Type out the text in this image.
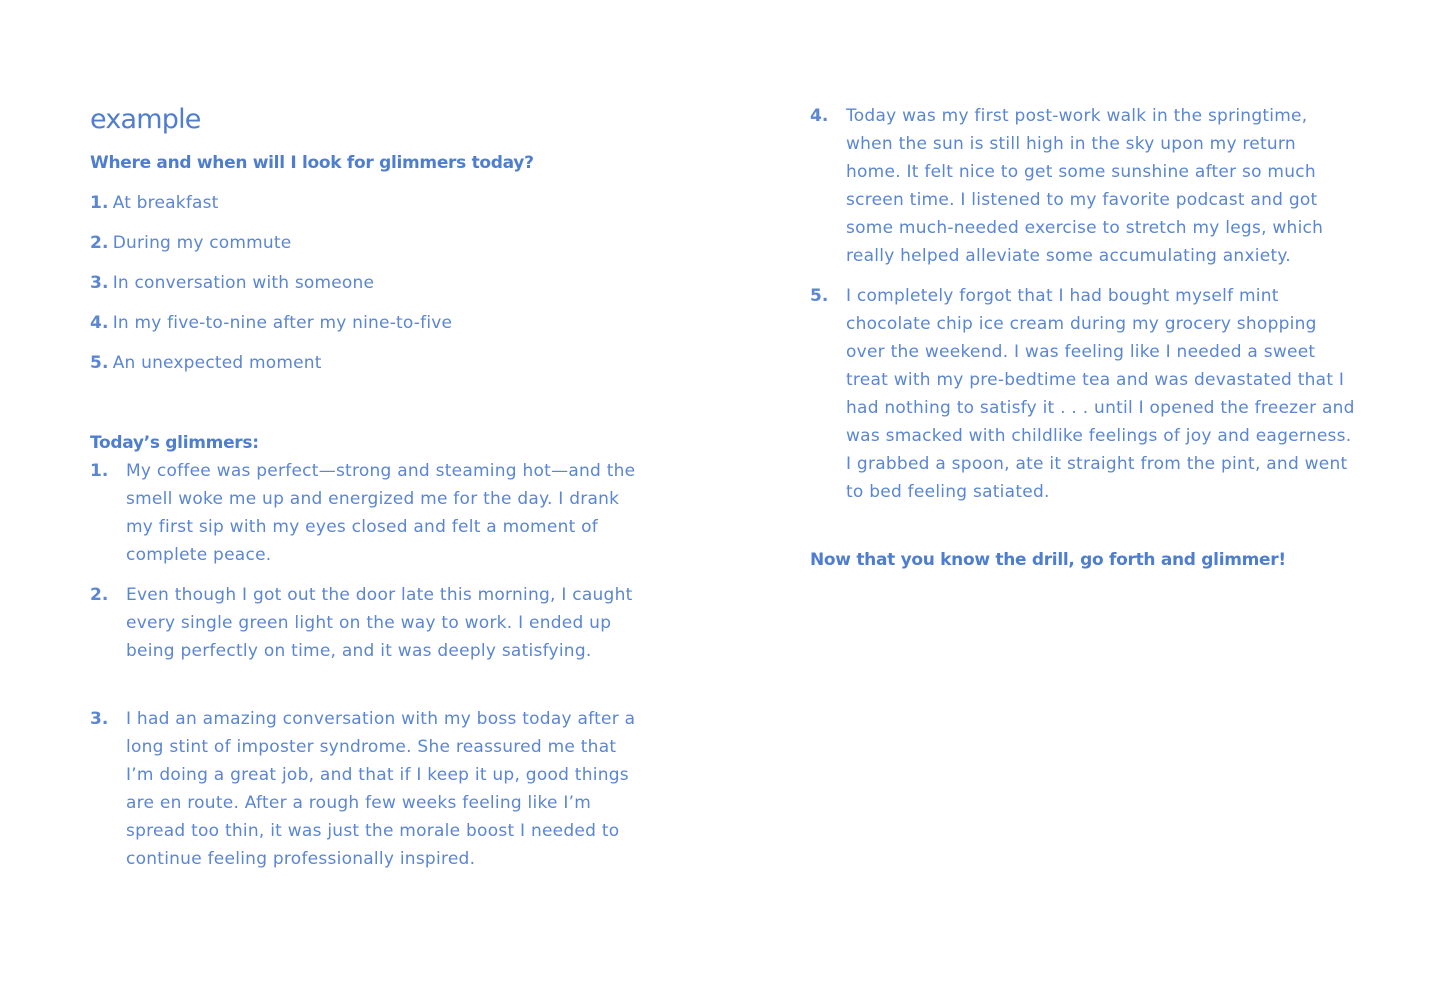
example

Where and when will I look for glimmers today?

1. At breakfast
2. During my commute
3. In conversation with someone
4. In my five-to-nine after my nine-to-five
5. An unexpected moment

Today’s glimmers:

1.	My coffee was perfect—strong and steaming hot—and the smell woke me up and energized me for the day. I drank my first sip with my eyes closed and felt a moment of complete peace.

2.	Even though I got out the door late this morning, I caught every single green light on the way to work. I ended up being perfectly on time, and it was deeply satisfying.

3.	I had an amazing conversation with my boss today after a long stint of imposter syndrome. She reassured me that I’m doing a great job, and that if I keep it up, good things are en route. After a rough few weeks feeling like I’m spread too thin, it was just the morale boost I needed to continue feeling professionally inspired.

4.	Today was my first post-work walk in the springtime, when the sun is still high in the sky upon my return home. It felt nice to get some sunshine after so much screen time. I listened to my favorite podcast and got some much-needed exercise to stretch my legs, which really helped alleviate some accumulating anxiety.

5.	I completely forgot that I had bought myself mint chocolate chip ice cream during my grocery shopping over the weekend. I was feeling like I needed a sweet treat with my pre-bedtime tea and was devastated that I had nothing to satisfy it . . . until I opened the freezer and was smacked with childlike feelings of joy and eagerness. I grabbed a spoon, ate it straight from the pint, and went to bed feeling satiated.

Now that you know the drill, go forth and glimmer!
